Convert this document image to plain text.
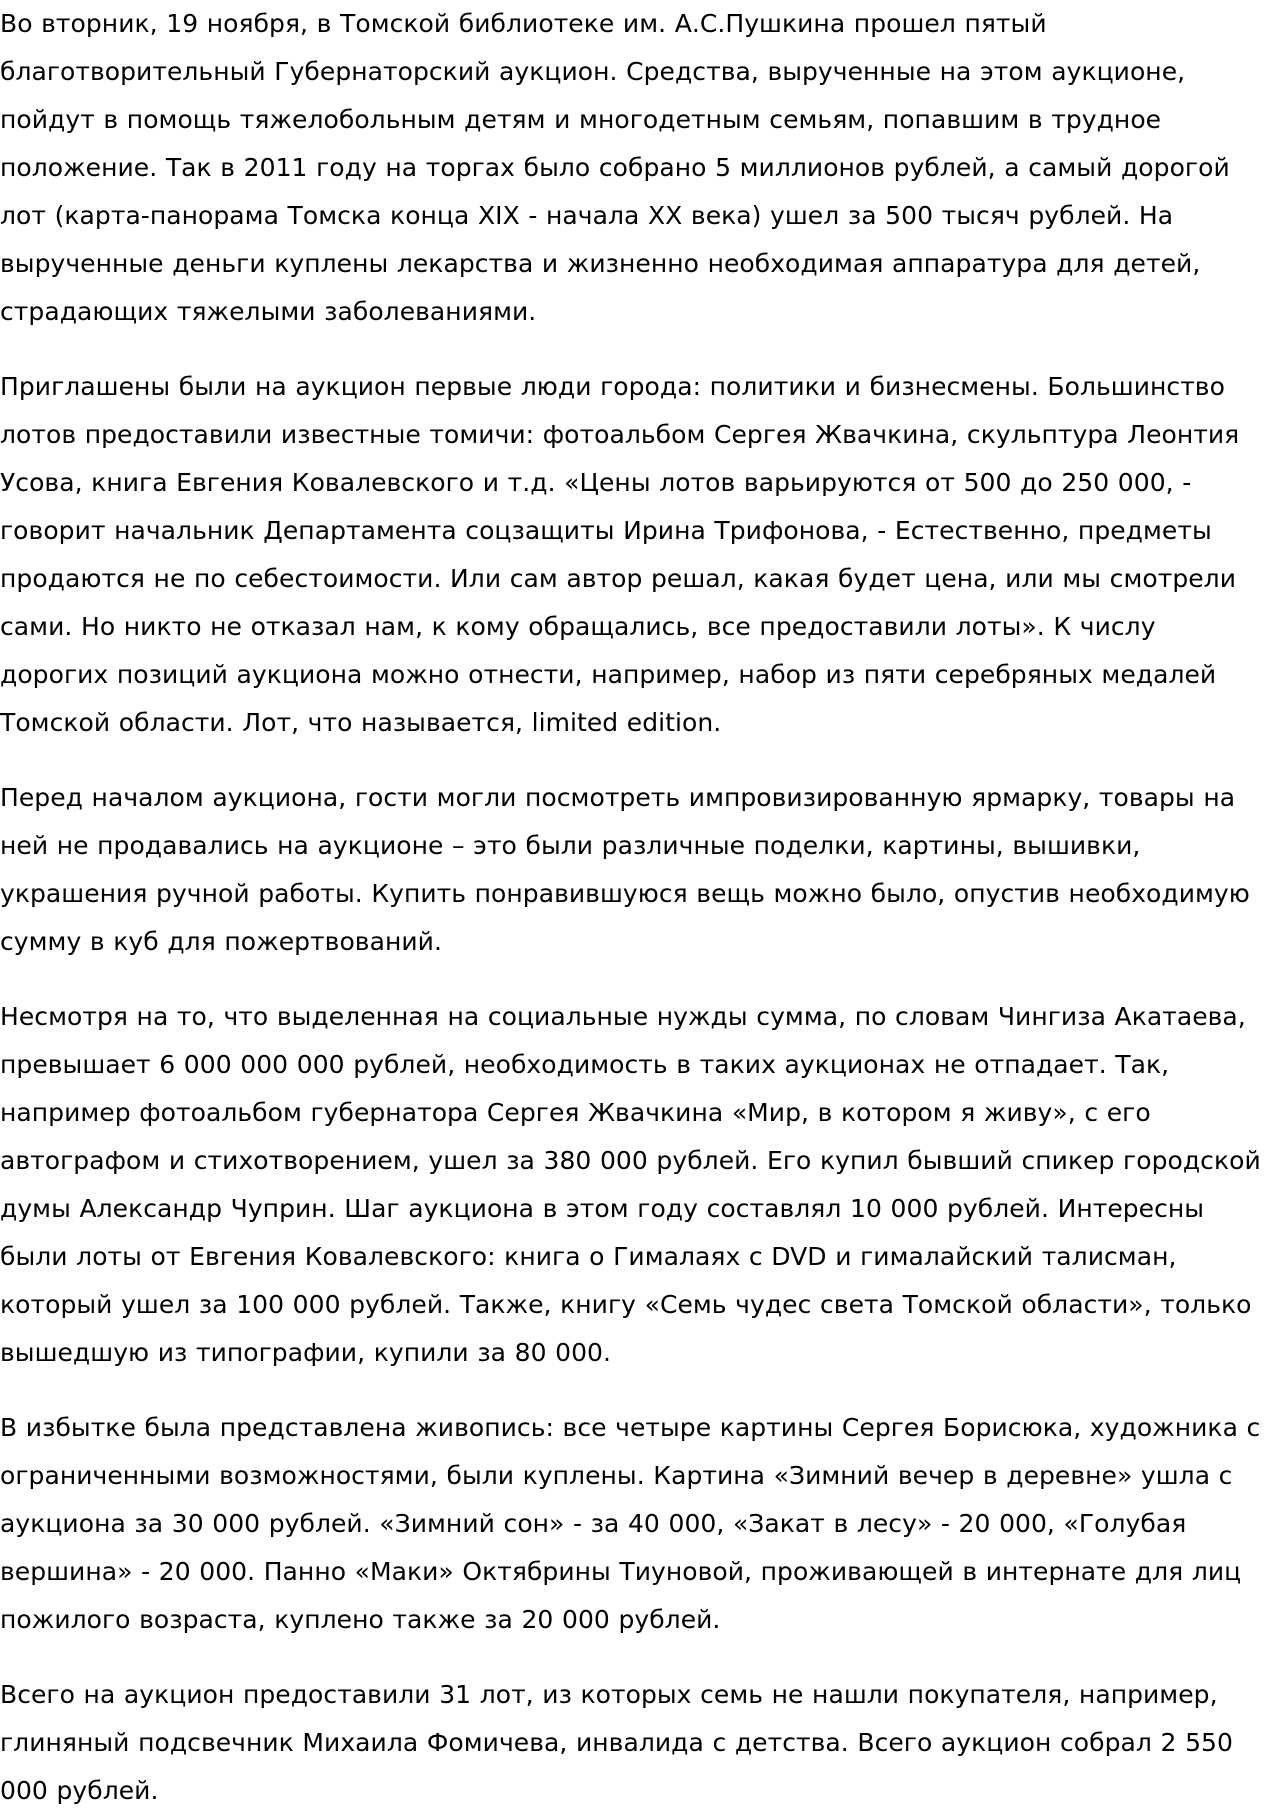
Во вторник, 19 ноября, в Томской библиотеке им. А.С.Пушкина прошел пятый благотворительный Губернаторский аукцион. Средства, вырученные на этом аукционе, пойдут в помощь тяжелобольным детям и многодетным семьям, попавшим в трудное положение. Так в 2011 году на торгах было собрано 5 миллионов рублей, а самый дорогой лот (карта-панорама Томска конца XIX - начала XX века) ушел за 500 тысяч рублей. На вырученные деньги куплены лекарства и жизненно необходимая аппаратура для детей, страдающих тяжелыми заболеваниями.

Приглашены были на аукцион первые люди города: политики и бизнесмены. Большинство лотов предоставили известные томичи: фотоальбом Сергея Жвачкина, скульптура Леонтия Усова, книга Евгения Ковалевского и т.д. «Цены лотов варьируются от 500 до 250 000, - говорит начальник Департамента соцзащиты Ирина Трифонова, - Естественно, предметы продаются не по себестоимости. Или сам автор решал, какая будет цена, или мы смотрели сами. Но никто не отказал нам, к кому обращались, все предоставили лоты». К числу дорогих позиций аукциона можно отнести, например, набор из пяти серебряных медалей Томской области. Лот, что называется, limited edition.

Перед началом аукциона, гости могли посмотреть импровизированную ярмарку, товары на ней не продавались на аукционе – это были различные поделки, картины, вышивки, украшения ручной работы. Купить понравившуюся вещь можно было, опустив необходимую сумму в куб для пожертвований.

Несмотря на то, что выделенная на социальные нужды сумма, по словам Чингиза Акатаева, превышает 6 000 000 000 рублей, необходимость в таких аукционах не отпадает. Так, например фотоальбом губернатора Сергея Жвачкина «Мир, в котором я живу», с его автографом и стихотворением, ушел за 380 000 рублей. Его купил бывший спикер городской думы Александр Чуприн. Шаг аукциона в этом году составлял 10 000 рублей. Интересны были лоты от Евгения Ковалевского: книга о Гималаях с DVD и гималайский талисман, который ушел за 100 000 рублей. Также, книгу «Семь чудес света Томской области», только вышедшую из типографии, купили за 80 000.

В избытке была представлена живопись: все четыре картины Сергея Борисюка, художника с ограниченными возможностями, были куплены. Картина «Зимний вечер в деревне» ушла с аукциона за 30 000 рублей. «Зимний сон» - за 40 000, «Закат в лесу» - 20 000, «Голубая вершина» - 20 000. Панно «Маки» Октябрины Тиуновой, проживающей в интернате для лиц пожилого возраста, куплено также за 20 000 рублей.

Всего на аукцион предоставили 31 лот, из которых семь не нашли покупателя, например, глиняный подсвечник Михаила Фомичева, инвалида с детства. Всего аукцион собрал 2 550 000 рублей.
